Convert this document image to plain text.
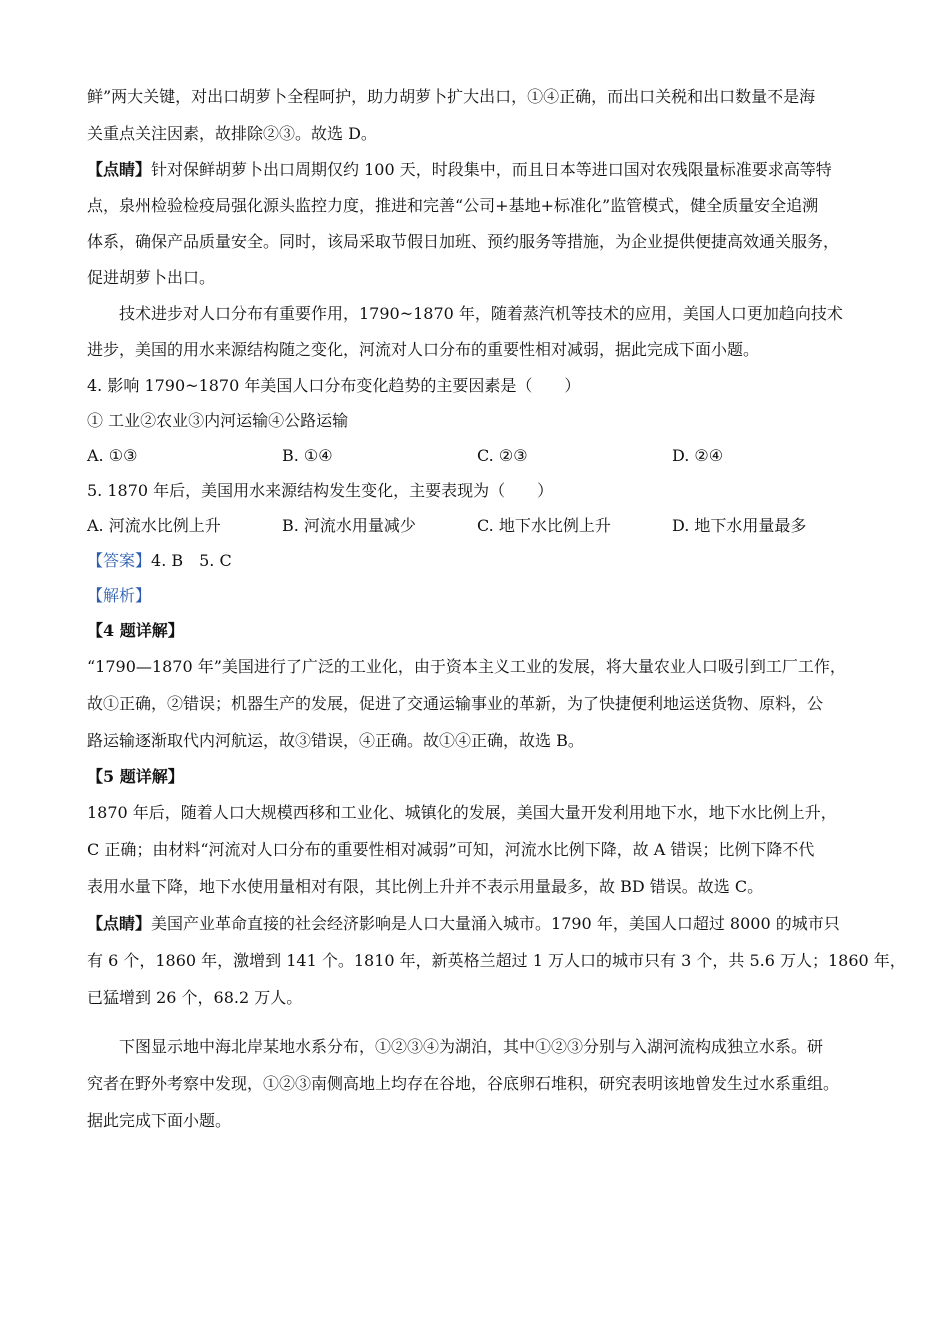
鲜”两大关键，对出口胡萝卜全程呵护，助力胡萝卜扩大出口，①④正确，而出口关税和出口数量不是海

关重点关注因素，故排除②③。故选 D。

【点睛】针对保鲜胡萝卜出口周期仅约 100 天，时段集中，而且日本等进口国对农残限量标准要求高等特

点，泉州检验检疫局强化源头监控力度，推进和完善“公司+基地+标准化”监管模式，健全质量安全追溯

体系，确保产品质量安全。同时，该局采取节假日加班、预约服务等措施，为企业提供便捷高效通关服务，

促进胡萝卜出口。

技术进步对人口分布有重要作用，1790~1870 年，随着蒸汽机等技术的应用，美国人口更加趋向技术

进步，美国的用水来源结构随之变化，河流对人口分布的重要性相对减弱，据此完成下面小题。

4. 影响 1790~1870 年美国人口分布变化趋势的主要因素是（　　）

① 工业②农业③内河运输④公路运输

A. ①③	B. ①④	C. ②③	D. ②④

5. 1870 年后，美国用水来源结构发生变化，主要表现为（　　）

A. 河流水比例上升	B. 河流水用量减少	C. 地下水比例上升	D. 地下水用量最多

【答案】4. B　5. C

【解析】

【4 题详解】

“1790—1870 年”美国进行了广泛的工业化，由于资本主义工业的发展，将大量农业人口吸引到工厂工作，

故①正确，②错误；机器生产的发展，促进了交通运输事业的革新，为了快捷便利地运送货物、原料，公

路运输逐渐取代内河航运，故③错误，④正确。故①④正确，故选 B。

【5 题详解】

1870 年后，随着人口大规模西移和工业化、城镇化的发展，美国大量开发利用地下水，地下水比例上升，

C 正确；由材料“河流对人口分布的重要性相对减弱”可知，河流水比例下降，故 A 错误；比例下降不代

表用水量下降，地下水使用量相对有限，其比例上升并不表示用量最多，故 BD 错误。故选 C。

【点睛】美国产业革命直接的社会经济影响是人口大量涌入城市。1790 年，美国人口超过 8000 的城市只

有 6 个，1860 年，激增到 141 个。1810 年，新英格兰超过 1 万人口的城市只有 3 个，共 5.6 万人；1860 年，

已猛增到 26 个，68.2 万人。

下图显示地中海北岸某地水系分布，①②③④为湖泊，其中①②③分别与入湖河流构成独立水系。研

究者在野外考察中发现，①②③南侧高地上均存在谷地，谷底卵石堆积，研究表明该地曾发生过水系重组。

据此完成下面小题。
